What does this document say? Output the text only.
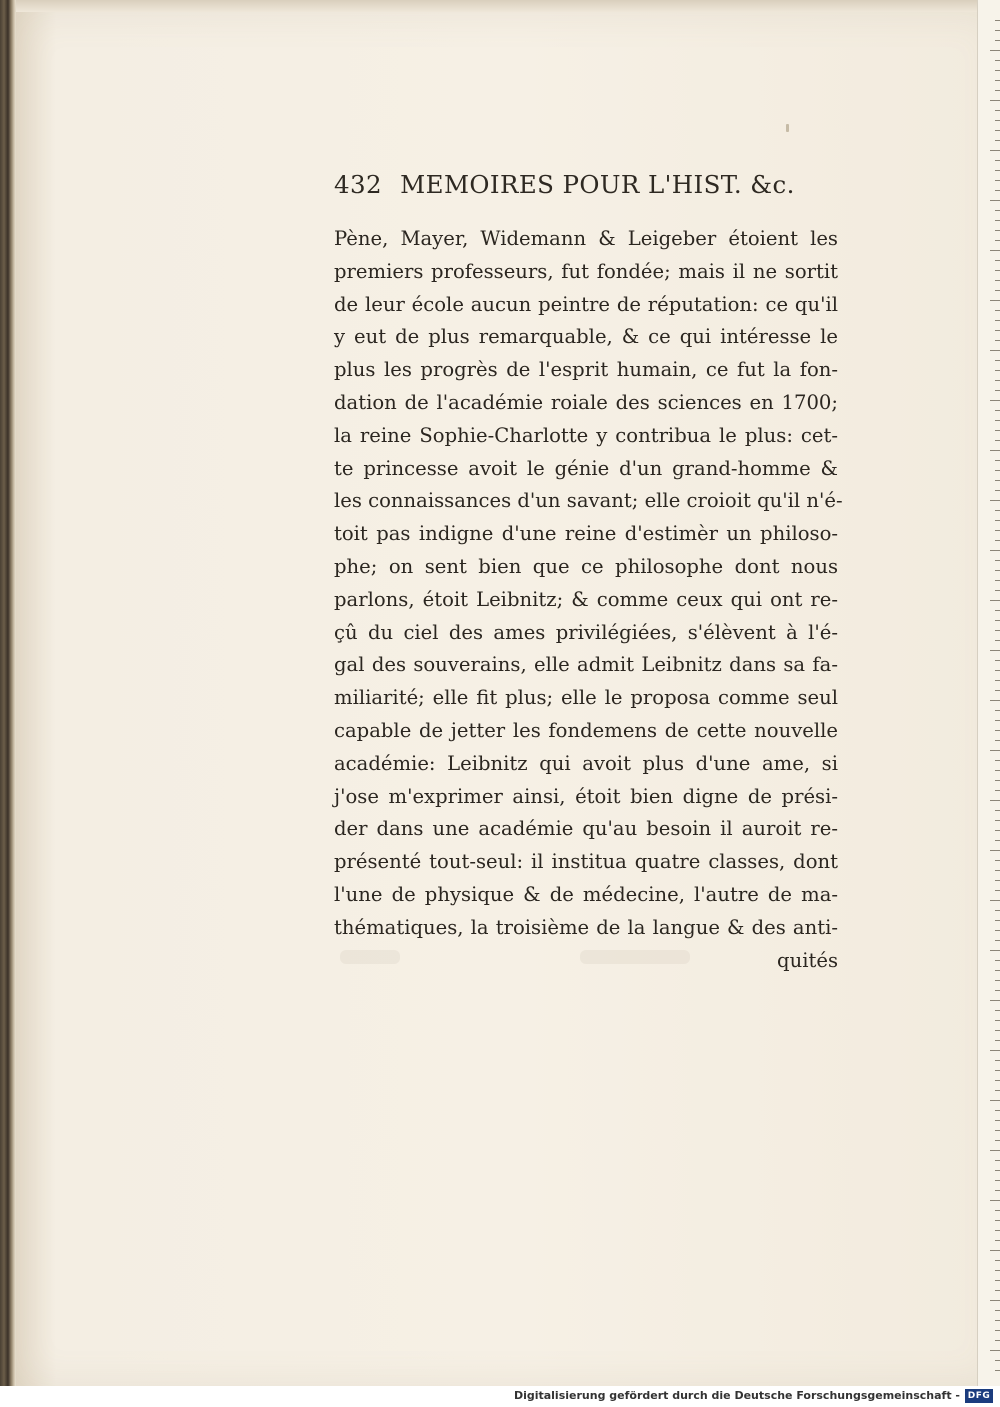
432 MEMOIRES POUR L'HIST. &c.
Pène, Mayer, Widemann & Leigeber étoient les
premiers professeurs, fut fondée; mais il ne sortit
de leur école aucun peintre de réputation: ce qu'il
y eut de plus remarquable, & ce qui intéresse le
plus les progrès de l'esprit humain, ce fut la fon-
dation de l'académie roiale des sciences en 1700;
la reine Sophie-Charlotte y contribua le plus: cet-
te princesse avoit le génie d'un grand-homme &
les connaissances d'un savant; elle croioit qu'il n'é-
toit pas indigne d'une reine d'estimèr un philoso-
phe; on sent bien que ce philosophe dont nous
parlons, étoit Leibnitz; & comme ceux qui ont re-
çû du ciel des ames privilégiées, s'élèvent à l'é-
gal des souverains, elle admit Leibnitz dans sa fa-
miliarité; elle fit plus; elle le proposa comme seul
capable de jetter les fondemens de cette nouvelle
académie: Leibnitz qui avoit plus d'une ame, si
j'ose m'exprimer ainsi, étoit bien digne de prési-
der dans une académie qu'au besoin il auroit re-
présenté tout-seul: il institua quatre classes, dont
l'une de physique & de médecine, l'autre de ma-
thématiques, la troisième de la langue & des anti-
quités
Digitalisierung gefördert durch die Deutsche Forschungsgemeinschaft - DFG
